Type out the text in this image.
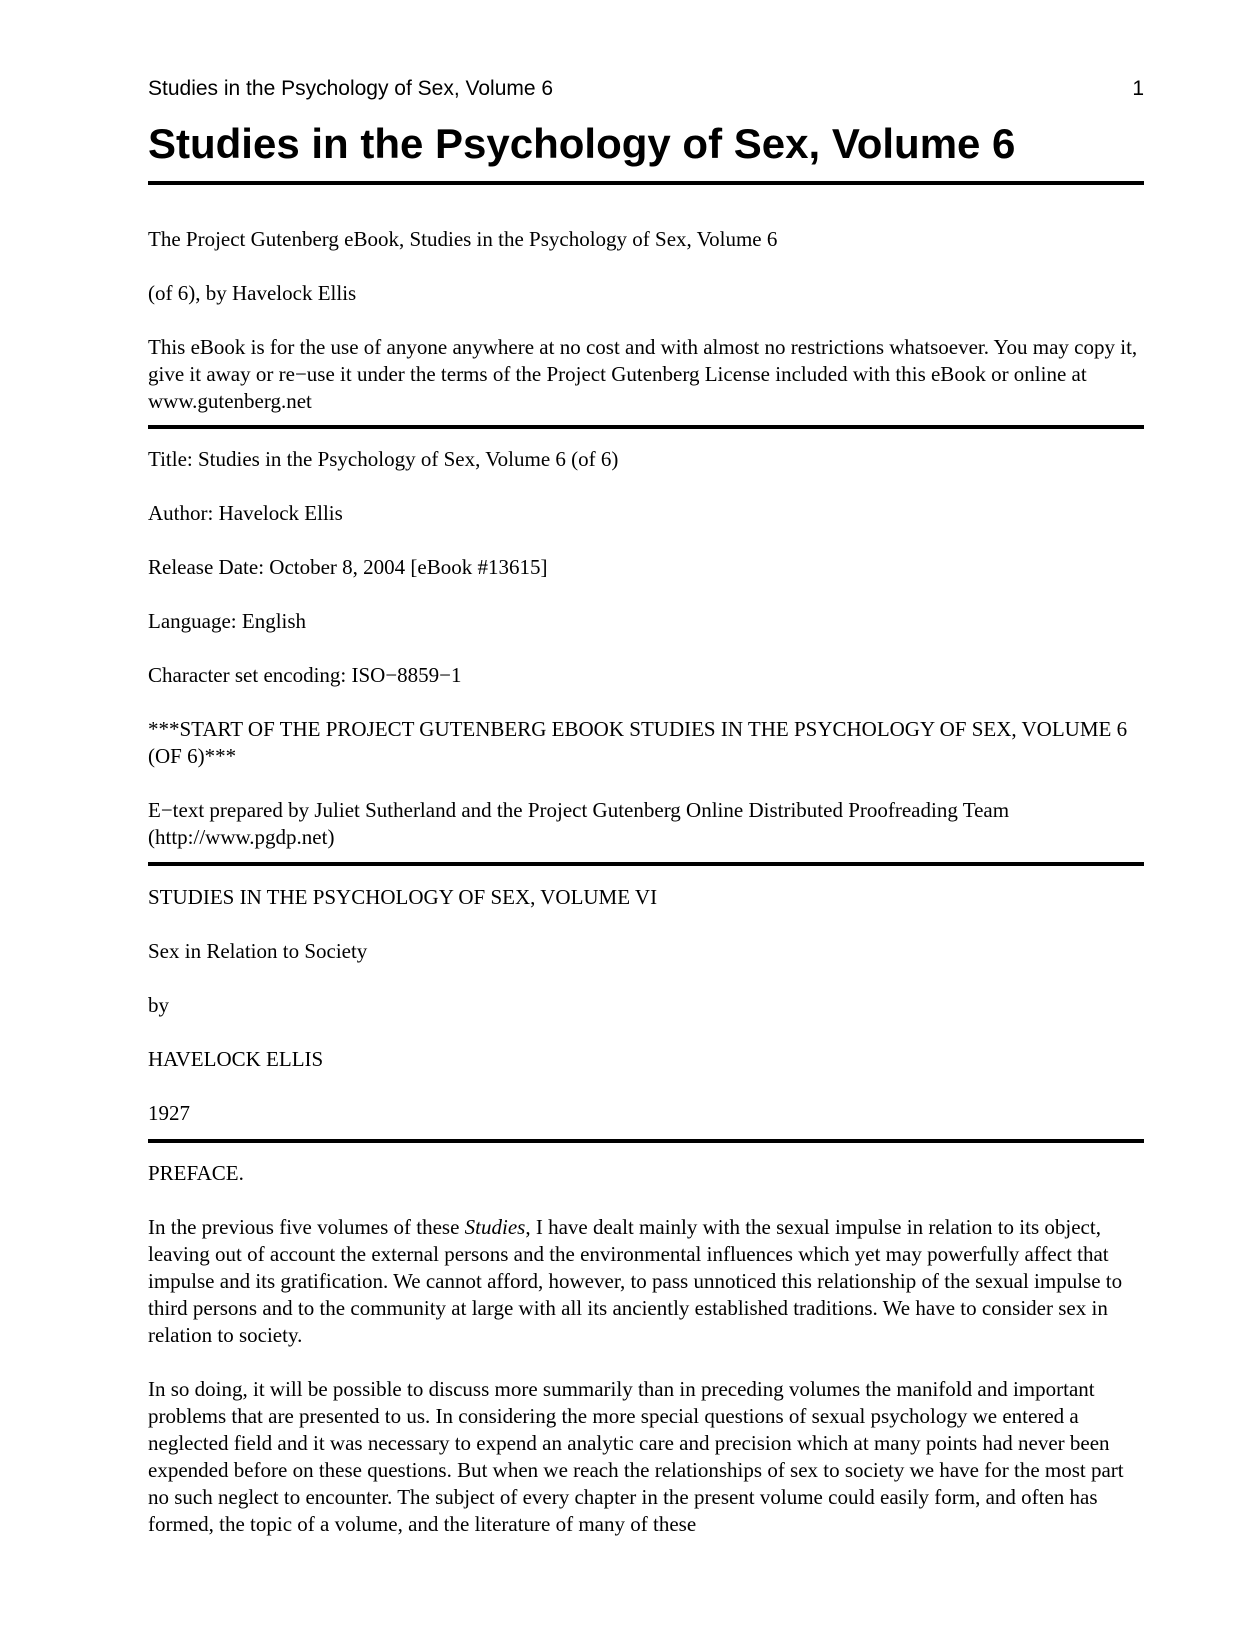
Studies in the Psychology of Sex, Volume 6	1
Studies in the Psychology of Sex, Volume 6

The Project Gutenberg eBook, Studies in the Psychology of Sex, Volume 6

(of 6), by Havelock Ellis

This eBook is for the use of anyone anywhere at no cost and with almost no restrictions whatsoever. You may copy it, give it away or re−use it under the terms of the Project Gutenberg License included with this eBook or online at www.gutenberg.net

Title: Studies in the Psychology of Sex, Volume 6 (of 6)

Author: Havelock Ellis

Release Date: October 8, 2004 [eBook #13615]

Language: English

Character set encoding: ISO−8859−1

***START OF THE PROJECT GUTENBERG EBOOK STUDIES IN THE PSYCHOLOGY OF SEX, VOLUME 6 (OF 6)***

E−text prepared by Juliet Sutherland and the Project Gutenberg Online Distributed Proofreading Team (http://www.pgdp.net)

STUDIES IN THE PSYCHOLOGY OF SEX, VOLUME VI

Sex in Relation to Society

by

HAVELOCK ELLIS

1927

PREFACE.

In the previous five volumes of these Studies, I have dealt mainly with the sexual impulse in relation to its object, leaving out of account the external persons and the environmental influences which yet may powerfully affect that impulse and its gratification. We cannot afford, however, to pass unnoticed this relationship of the sexual impulse to third persons and to the community at large with all its anciently established traditions. We have to consider sex in relation to society.

In so doing, it will be possible to discuss more summarily than in preceding volumes the manifold and important problems that are presented to us. In considering the more special questions of sexual psychology we entered a neglected field and it was necessary to expend an analytic care and precision which at many points had never been expended before on these questions. But when we reach the relationships of sex to society we have for the most part no such neglect to encounter. The subject of every chapter in the present volume could easily form, and often has formed, the topic of a volume, and the literature of many of these
